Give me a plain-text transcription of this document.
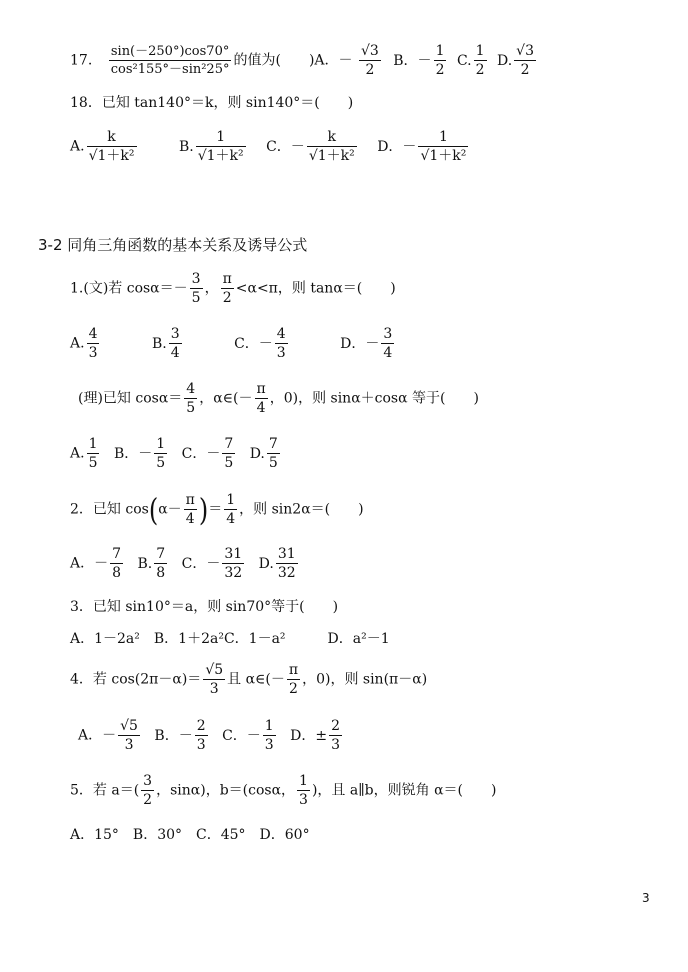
17. $\frac{\sin(-250^\circ)\cos 70^\circ}{\text{cos²155°－sin²25°}}$ 的值为(　　)A．－ $\frac{√3}{2}$ B．－ $\frac{1}{2} C$. $\frac{1}{2} D$. $\frac{√3}{2}$
18．已知 tan140°＝k，则 sin140°＝(　　)
A. $\frac{k}{\text{√1＋k²}}$	B. $\frac{1}{\text{√1＋k²}}$ C．－ $\frac{k}{\text{√1＋k²}}$ D．－ $\frac{1}{\text{√1＋k²}}$
3-2 同角三角函数的基本关系及诱导公式
1.(文)若 $\cos\alpha=- \frac{3}{5}$ ， $\frac{\pi}{2} <\alpha<\pi$，则 tanα＝(　　)
A. $\frac{4}{3}$	B. $\frac{3}{4}$	C．－ $\frac{4}{3}$	D．－ $\frac{3}{4}$
(理)已知 $\cos\alpha= \frac{4}{5}$ ，α∈(－ $\frac{\pi}{4}$ ，0)，则 sinα＋cosα 等于(　　)
A. $\frac{1}{5}$ B．－ $\frac{1}{5}$ C．－ $\frac{7}{5} D$. $\frac{7}{5}$
2．已知 $\cos(\alpha- \frac{\pi}{4}$ )＝ $\frac{1}{4}$ ，则 sin2α＝(　　)
A．－ $\frac{7}{8} B$. $\frac{7}{8}$ C．－ $\frac{31}{32} D$. $\frac{31}{32}$
3．已知 sin10°＝a，则 sin70°等于(　　)
A．1－2a²　B．1＋2a²C．1－a²　　　D．a²－1
4．若 $\cos(2\pi-\alpha)= \frac{√5}{3}$ 且 α∈(－ $\frac{\pi}{2}$ ，0)，则 sin(π－α)
A．－ $\frac{√5}{3}$ B．－ $\frac{2}{3}$ C．－ $\frac{1}{3}$ D．± $\frac{2}{3}$
5．若 $a=( \frac{3}{2}$ ，sinα)，b＝(cosα， $\frac{1}{3}$ )，且 a∥b，则锐角 α＝(　　)
A．15°　B．30°　C．45°　D．60°
3
